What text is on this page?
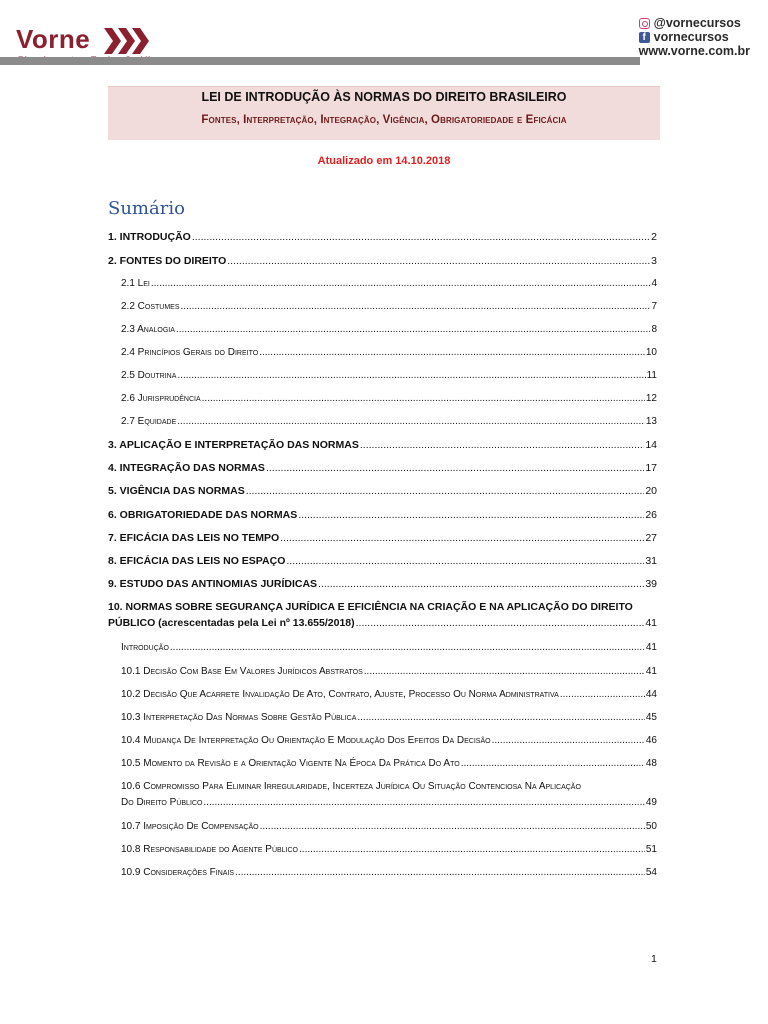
Vorne
@vornecursos
f vornecursos
www.vorne.com.br
LEI DE INTRODUÇÃO ÀS NORMAS DO DIREITO BRASILEIRO
Fontes, Interpretação, Integração, Vigência, Obrigatoriedade e Eficácia
Atualizado em 14.10.2018
Sumário
1. INTRODUÇÃO .....	2
2. FONTES DO DIREITO .....	3
2.1 Lei .....	4
2.2 Costumes .....	7
2.3 Analogia .....	8
2.4 Princípios Gerais do Direito .....	10
2.5 Doutrina .....	11
2.6 Jurisprudência .....	12
2.7 Equidade .....	13
3. APLICAÇÃO E INTERPRETAÇÃO DAS NORMAS .....	14
4. INTEGRAÇÃO DAS NORMAS .....	17
5. VIGÊNCIA DAS NORMAS .....	20
6. OBRIGATORIEDADE DAS NORMAS .....	26
7. EFICÁCIA DAS LEIS NO TEMPO .....	27
8. EFICÁCIA DAS LEIS NO ESPAÇO .....	31
9. ESTUDO DAS ANTINOMIAS JURÍDICAS .....	39
10. NORMAS SOBRE SEGURANÇA JURÍDICA E EFICIÊNCIA NA CRIAÇÃO E NA APLICAÇÃO DO DIREITO
PÚBLICO (acrescentadas pela Lei nº 13.655/2018) .....	41
Introdução .....	41
10.1 Decisão Com Base Em Valores Jurídicos Abstratos .....	41
10.2 Decisão Que Acarrete Invalidação De Ato, Contrato, Ajuste, Processo Ou Norma Administrativa .....	44
10.3 Interpretação Das Normas Sobre Gestão Pública .....	45
10.4 Mudança De Interpretação Ou Orientação E Modulação Dos Efeitos Da Decisão .....	46
10.5 Momento da Revisão e a Orientação Vigente Na Época Da Prática Do Ato .....	48
10.6 Compromisso Para Eliminar Irregularidade, Incerteza Jurídica Ou Situação Contenciosa Na Aplicação
Do Direito Público .....	49
10.7 Imposição De Compensação .....	50
10.8 Responsabilidade do Agente Público .....	51
10.9 Considerações Finais .....	54
1
